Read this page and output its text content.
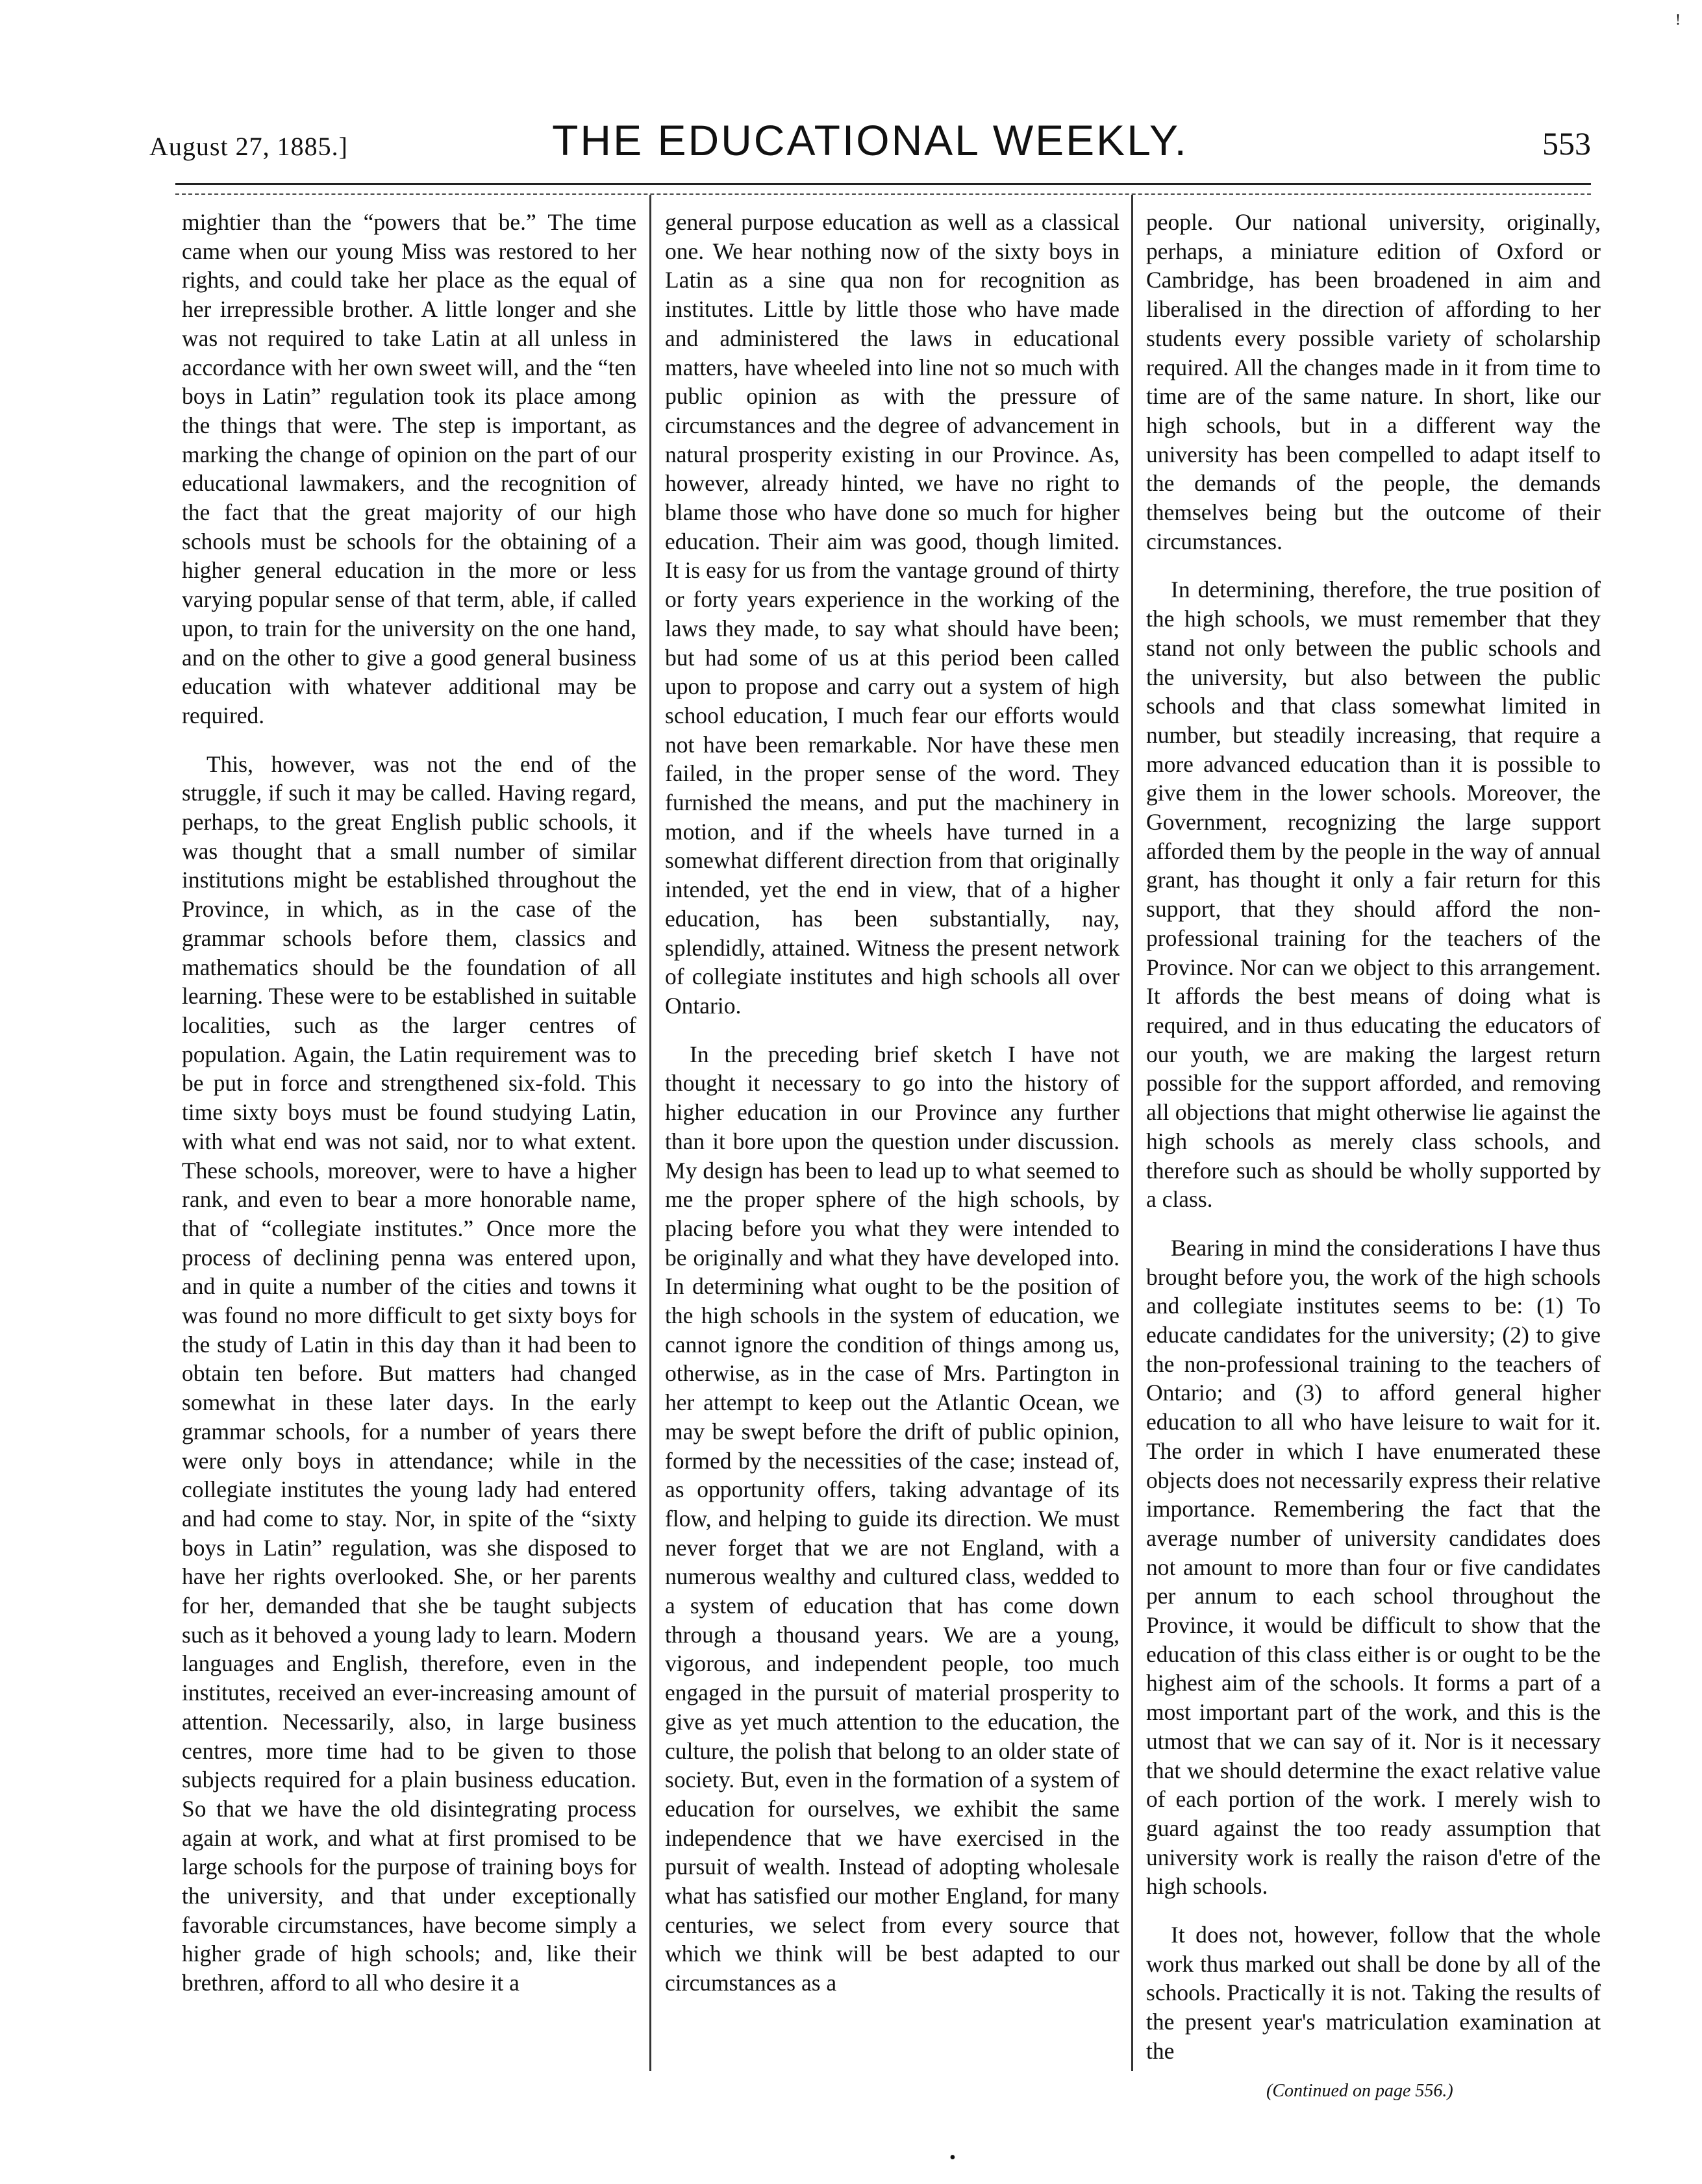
!
August 27, 1885.]	THE EDUCATIONAL WEEKLY.	553

mightier than the “powers that be.” The time came when our young Miss was restored to her rights, and could take her place as the equal of her irrepressible brother. A little longer and she was not required to take Latin at all unless in accordance with her own sweet will, and the “ten boys in Latin” regulation took its place among the things that were. The step is important, as marking the change of opinion on the part of our educational lawmakers, and the recognition of the fact that the great majority of our high schools must be schools for the obtaining of a higher general education in the more or less varying popular sense of that term, able, if called upon, to train for the university on the one hand, and on the other to give a good general business education with whatever additional may be required.

This, however, was not the end of the struggle, if such it may be called. Having regard, perhaps, to the great English public schools, it was thought that a small number of similar institutions might be established throughout the Province, in which, as in the case of the grammar schools before them, classics and mathematics should be the foundation of all learning. These were to be established in suitable localities, such as the larger centres of population. Again, the Latin requirement was to be put in force and strengthened six-fold. This time sixty boys must be found studying Latin, with what end was not said, nor to what extent. These schools, moreover, were to have a higher rank, and even to bear a more honorable name, that of “collegiate institutes.” Once more the process of declining penna was entered upon, and in quite a number of the cities and towns it was found no more difficult to get sixty boys for the study of Latin in this day than it had been to obtain ten before. But matters had changed somewhat in these later days. In the early grammar schools, for a number of years there were only boys in attendance; while in the collegiate institutes the young lady had entered and had come to stay. Nor, in spite of the “sixty boys in Latin” regulation, was she disposed to have her rights overlooked. She, or her parents for her, demanded that she be taught subjects such as it behoved a young lady to learn. Modern languages and English, therefore, even in the institutes, received an ever-increasing amount of attention. Necessarily, also, in large business centres, more time had to be given to those subjects required for a plain business education. So that we have the old disintegrating process again at work, and what at first promised to be large schools for the purpose of training boys for the university, and that under exceptionally favorable circumstances, have become simply a higher grade of high schools; and, like their brethren, afford to all who desire it a

general purpose education as well as a classical one. We hear nothing now of the sixty boys in Latin as a sine qua non for recognition as institutes. Little by little those who have made and administered the laws in educational matters, have wheeled into line not so much with public opinion as with the pressure of circumstances and the degree of advancement in natural prosperity existing in our Province. As, however, already hinted, we have no right to blame those who have done so much for higher education. Their aim was good, though limited. It is easy for us from the vantage ground of thirty or forty years experience in the working of the laws they made, to say what should have been; but had some of us at this period been called upon to propose and carry out a system of high school education, I much fear our efforts would not have been remarkable. Nor have these men failed, in the proper sense of the word. They furnished the means, and put the machinery in motion, and if the wheels have turned in a somewhat different direction from that originally intended, yet the end in view, that of a higher education, has been substantially, nay, splendidly, attained. Witness the present network of collegiate institutes and high schools all over Ontario.

In the preceding brief sketch I have not thought it necessary to go into the history of higher education in our Province any further than it bore upon the question under discussion. My design has been to lead up to what seemed to me the proper sphere of the high schools, by placing before you what they were intended to be originally and what they have developed into. In determining what ought to be the position of the high schools in the system of education, we cannot ignore the condition of things among us, otherwise, as in the case of Mrs. Partington in her attempt to keep out the Atlantic Ocean, we may be swept before the drift of public opinion, formed by the necessities of the case; instead of, as opportunity offers, taking advantage of its flow, and helping to guide its direction. We must never forget that we are not England, with a numerous wealthy and cultured class, wedded to a system of education that has come down through a thousand years. We are a young, vigorous, and independent people, too much engaged in the pursuit of material prosperity to give as yet much attention to the education, the culture, the polish that belong to an older state of society. But, even in the formation of a system of education for ourselves, we exhibit the same independence that we have exercised in the pursuit of wealth. Instead of adopting wholesale what has satisfied our mother England, for many centuries, we select from every source that which we think will be best adapted to our circumstances as a

people. Our national university, originally, perhaps, a miniature edition of Oxford or Cambridge, has been broadened in aim and liberalised in the direction of affording to her students every possible variety of scholarship required. All the changes made in it from time to time are of the same nature. In short, like our high schools, but in a different way the university has been compelled to adapt itself to the demands of the people, the demands themselves being but the outcome of their circumstances.

In determining, therefore, the true position of the high schools, we must remember that they stand not only between the public schools and the university, but also between the public schools and that class somewhat limited in number, but steadily increasing, that require a more advanced education than it is possible to give them in the lower schools. Moreover, the Government, recognizing the large support afforded them by the people in the way of annual grant, has thought it only a fair return for this support, that they should afford the non-professional training for the teachers of the Province. Nor can we object to this arrangement. It affords the best means of doing what is required, and in thus educating the educators of our youth, we are making the largest return possible for the support afforded, and removing all objections that might otherwise lie against the high schools as merely class schools, and therefore such as should be wholly supported by a class.

Bearing in mind the considerations I have thus brought before you, the work of the high schools and collegiate institutes seems to be: (1) To educate candidates for the university; (2) to give the non-professional training to the teachers of Ontario; and (3) to afford general higher education to all who have leisure to wait for it. The order in which I have enumerated these objects does not necessarily express their relative importance. Remembering the fact that the average number of university candidates does not amount to more than four or five candidates per annum to each school throughout the Province, it would be difficult to show that the education of this class either is or ought to be the highest aim of the schools. It forms a part of a most important part of the work, and this is the utmost that we can say of it. Nor is it necessary that we should determine the exact relative value of each portion of the work. I merely wish to guard against the too ready assumption that university work is really the raison d'etre of the high schools.

It does not, however, follow that the whole work thus marked out shall be done by all of the schools. Practically it is not. Taking the results of the present year's matriculation examination at the

(Continued on page 556.)
•
